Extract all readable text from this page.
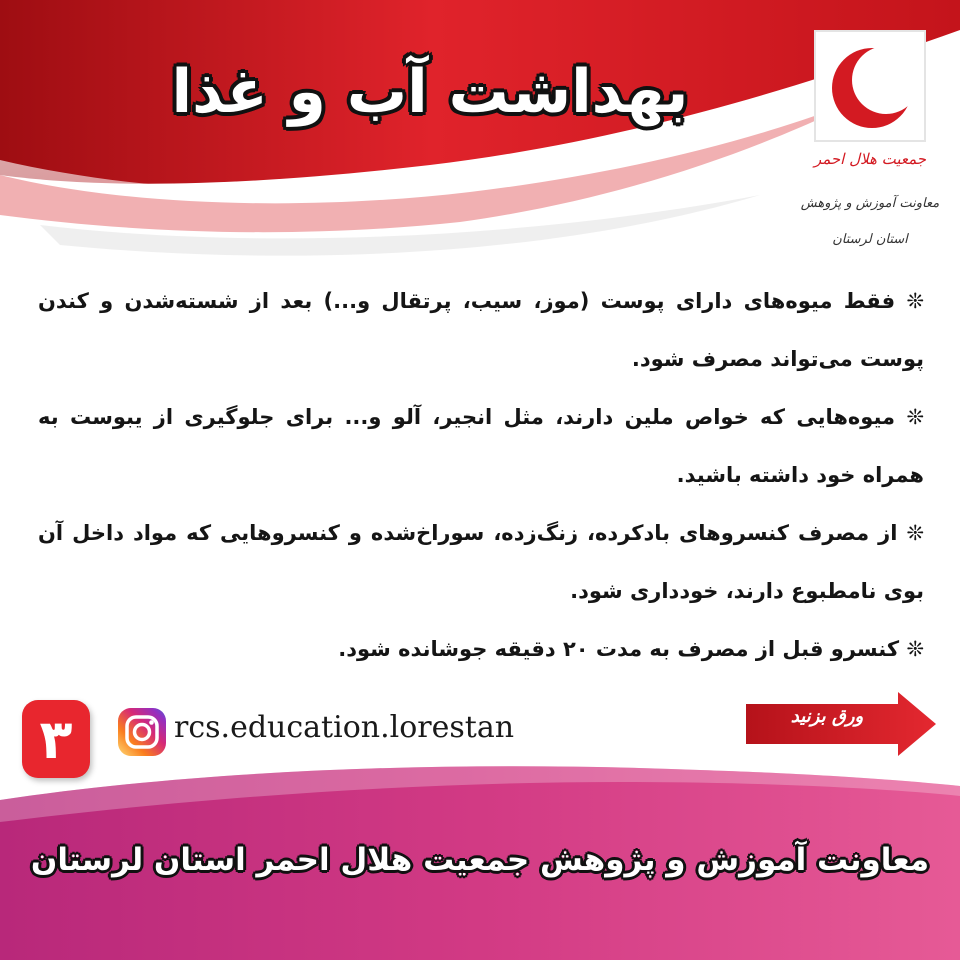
بهداشت آب و غذا
جمعیت هلال احمر
معاونت آموزش و پژوهش
استان لرستان

❊ فقط میوه‌های دارای پوست (موز، سیب، پرتقال و...) بعد از شسته‌شدن و کندن پوست می‌تواند مصرف شود.

❊ میوه‌هایی که خواص ملین دارند، مثل انجیر، آلو و... برای جلوگیری از یبوست به همراه خود داشته باشید.

❊ از مصرف کنسروهای بادکرده، زنگ‌زده، سوراخ‌شده و کنسروهایی که مواد داخل آن بوی نامطبوع دارند، خودداری شود.

❊ کنسرو قبل از مصرف به مدت ۲۰ دقیقه جوشانده شود.

۳	rcs.education.lorestan	ورق بزنید
معاونت آموزش و پژوهش جمعیت هلال احمر استان لرستان
